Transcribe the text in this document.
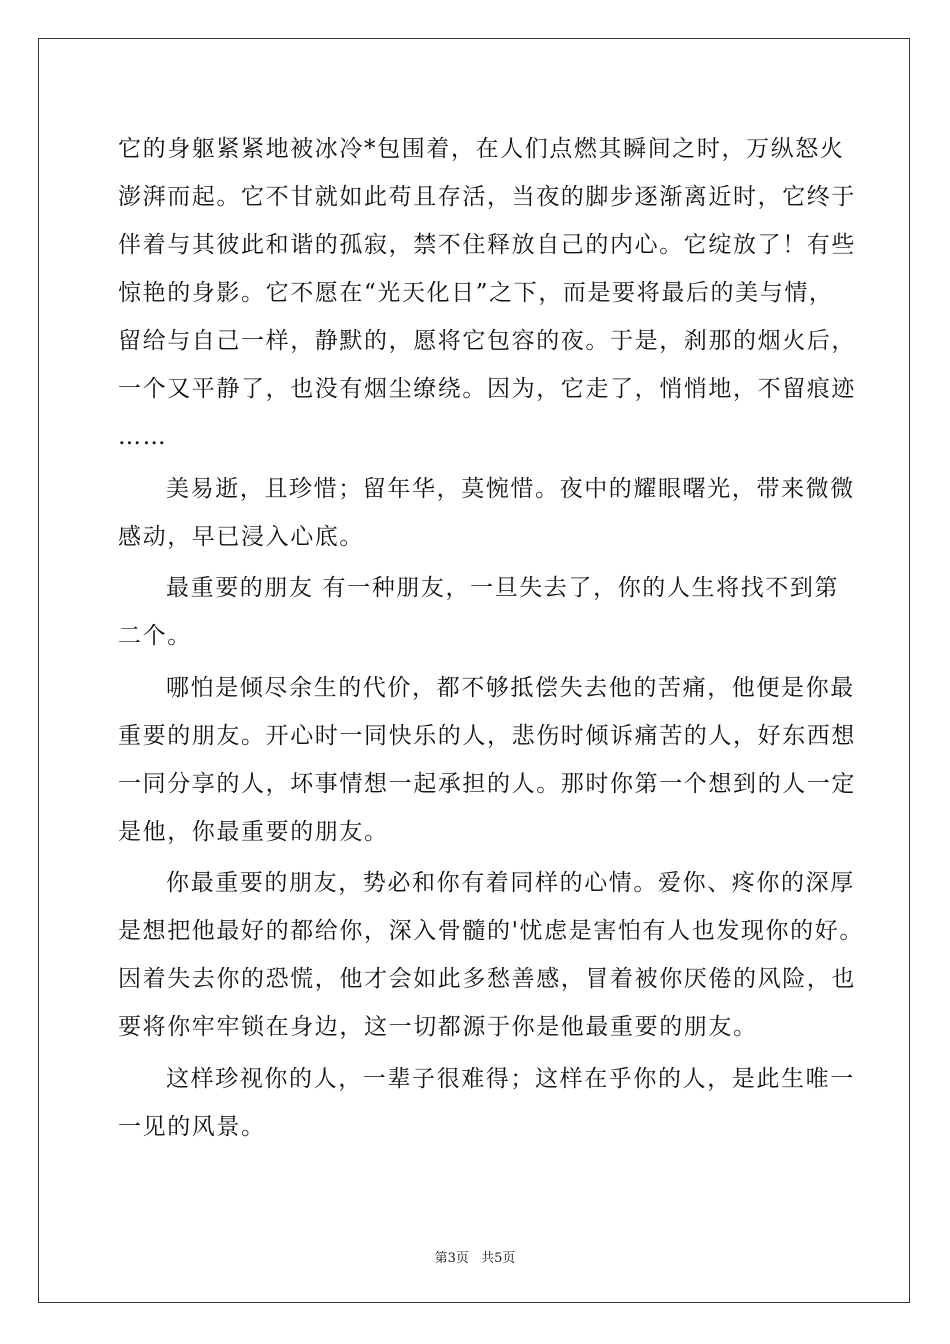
它的身躯紧紧地被冰冷*包围着，在人们点燃其瞬间之时，万纵怒火
澎湃而起。它不甘就如此苟且存活，当夜的脚步逐渐离近时，它终于
伴着与其彼此和谐的孤寂，禁不住释放自己的内心。它绽放了！有些
惊艳的身影。它不愿在“光天化日”之下，而是要将最后的美与情，
留给与自己一样，静默的，愿将它包容的夜。于是，刹那的烟火后，
一个又平静了，也没有烟尘缭绕。因为，它走了，悄悄地，不留痕迹
……
美易逝，且珍惜；留年华，莫惋惜。夜中的耀眼曙光，带来微微
感动，早已浸入心底。
最重要的朋友 有一种朋友，一旦失去了，你的人生将找不到第
二个。
哪怕是倾尽余生的代价，都不够抵偿失去他的苦痛，他便是你最
重要的朋友。开心时一同快乐的人，悲伤时倾诉痛苦的人，好东西想
一同分享的人，坏事情想一起承担的人。那时你第一个想到的人一定
是他，你最重要的朋友。
你最重要的朋友，势必和你有着同样的心情。爱你、疼你的深厚
是想把他最好的都给你，深入骨髓的'忧虑是害怕有人也发现你的好。
因着失去你的恐慌，他才会如此多愁善感，冒着被你厌倦的风险，也
要将你牢牢锁在身边，这一切都源于你是他最重要的朋友。
这样珍视你的人，一辈子很难得；这样在乎你的人，是此生唯一
一见的风景。
第3页 共5页
